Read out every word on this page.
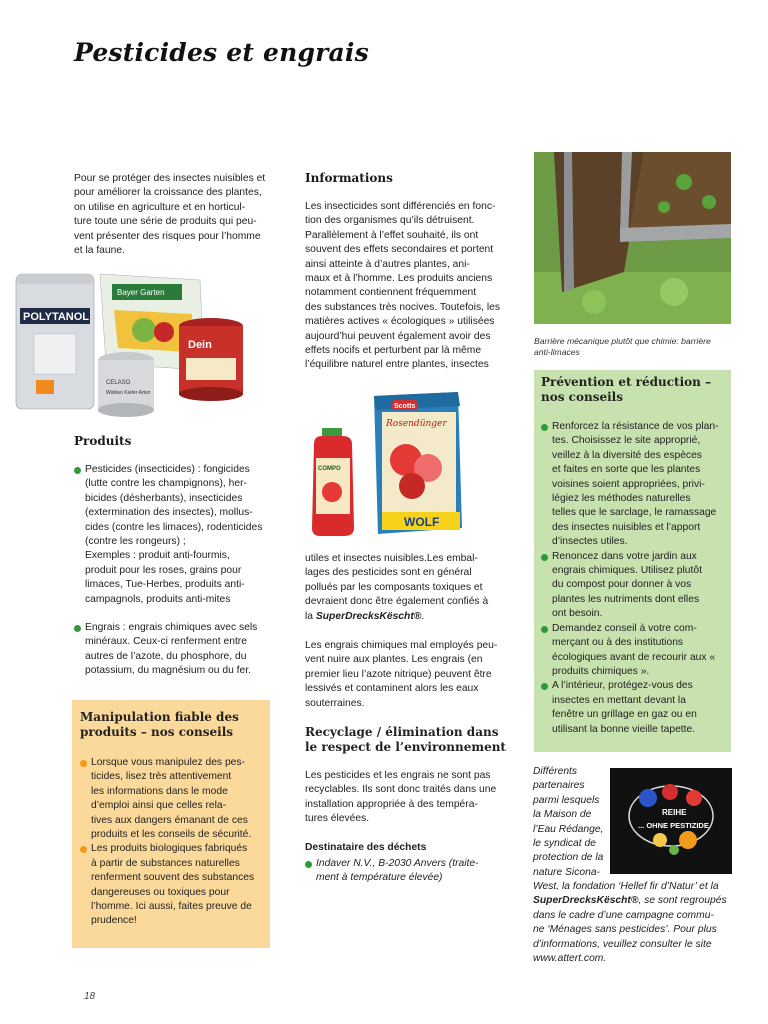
Pesticides et engrais
Pour se protéger des insectes nuisibles et
pour améliorer la croissance des plantes,
on utilise en agriculture et en horticul-
ture toute une série de produits qui peu-
vent présenter des risques pour l’homme
et la faune.
Bayer Garten
POLYTANOL
CELASO
Wählen Kiefer Arten
Dein
Produits
Pesticides (insecticides) : fongicides
(lutte contre les champignons), her-
bicides (désherbants), insecticides
(extermination des insectes), mollus-
cides (contre les limaces), rodenticides
(contre les rongeurs) ;
Exemples : produit anti-fourmis,
produit pour les roses, grains pour
limaces, Tue-Herbes, produits anti-
campagnols, produits anti-mites
Engrais : engrais chimiques avec sels
minéraux. Ceux-ci renferment entre
autres de l’azote, du phosphore, du
potassium, du magnésium ou du fer.
Manipulation fiable des
produits – nos conseils
Lorsque vous manipulez des pes-
ticides, lisez très attentivement
les informations dans le mode
d’emploi ainsi que celles rela-
tives aux dangers émanant de ces
produits et les conseils de sécurité.
Les produits biologiques fabriqués
à partir de substances naturelles
renferment souvent des substances
dangereuses ou toxiques pour
l’homme. Ici aussi, faites preuve de
prudence!
18
Informations
Les insecticides sont différenciés en fonc-
tion des organismes qu’ils détruisent.
Parallèlement à l’effet souhaité, ils ont
souvent des effets secondaires et portent
ainsi atteinte à d’autres plantes, ani-
maux et à l’homme. Les produits anciens
notamment contiennent fréquemment
des substances très nocives. Toutefois, les
matières actives « écologiques » utilisées
aujourd’hui peuvent également avoir des
effets nocifs et perturbent par là même
l’équilibre naturel entre plantes, insectes
Scotts
Rosendünger
WOLF
COMPO
utiles et insectes nuisibles.Les embal-
lages des pesticides sont en général
pollués par les composants toxiques et
devraient donc être également confiés à
la SuperDrecksKëscht®.
Les engrais chimiques mal employés peu-
vent nuire aux plantes. Les engrais (en
premier lieu l’azote nitrique) peuvent être
lessivés et contaminent alors les eaux
souterraines.
Recyclage / élimination dans
le respect de l’environnement
Les pesticides et les engrais ne sont pas
recyclables. Ils sont donc traités dans une
installation appropriée à des tempéra-
tures élevées.
Destinataire des déchets
Indaver N.V., B-2030 Anvers (traite-
ment à température élevée)
Barrière mécanique plutôt que chimie: barrière
anti-limaces
Prévention et réduction –
nos conseils
Renforcez la résistance de vos plan-
tes. Choisissez le site approprié,
veillez à la diversité des espèces
et faites en sorte que les plantes
voisines soient appropriées, privi-
légiez les méthodes naturelles
telles que le sarclage, le ramassage
des insectes nuisibles et l’apport
d’insectes utiles.
Renoncez dans votre jardin aux
engrais chimiques. Utilisez plutôt
du compost pour donner à vos
plantes les nutriments dont elles
ont besoin.
Demandez conseil à votre com-
merçant ou à des institutions
écologiques avant de recourir aux «
produits chimiques ».
A l’intérieur, protégez-vous des
insectes en mettant devant la
fenêtre un grillage en gaz ou en
utilisant la bonne vieille tapette.
REIHE
... OHNE PESTIZIDE
Différents
partenaires
parmi lesquels
la Maison de
l’Eau Rédange,
le syndicat de
protection de la
nature Sicona-
West, la fondation ‘Hellef fir d’Natur’ et la
SuperDrecksKëscht®, se sont regroupés
dans le cadre d’une campagne commu-
ne ‘Ménages sans pesticides’. Pour plus
d’informations, veuillez consulter le site
www.attert.com.
